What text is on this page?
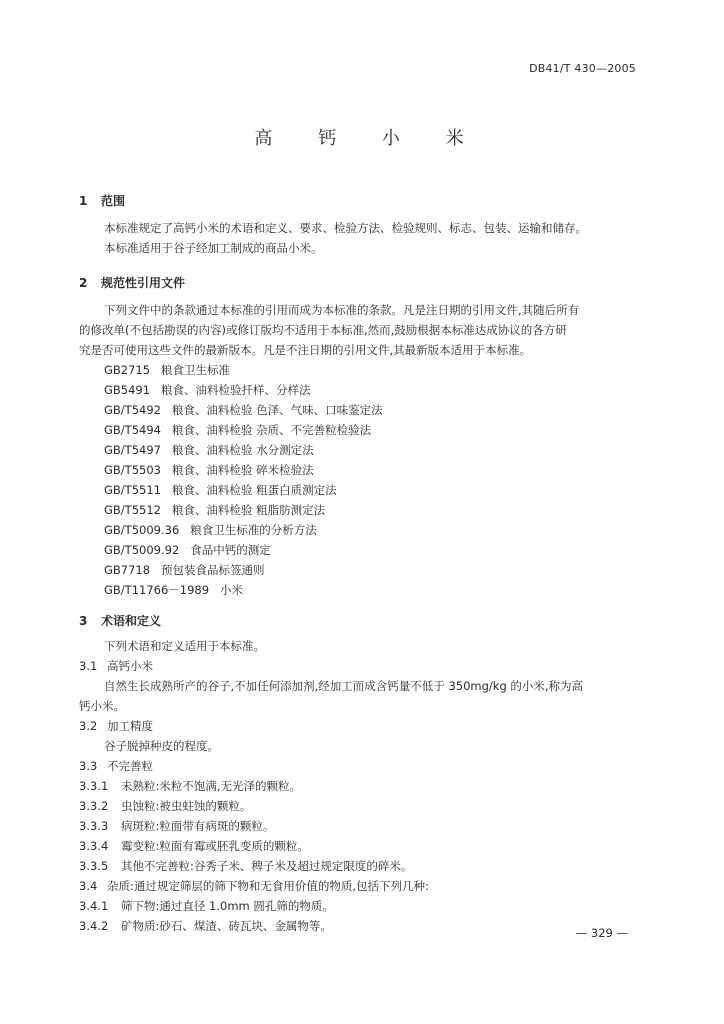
DB41/T 430—2005
高 钙 小 米
1 范围
本标准规定了高钙小米的术语和定义、要求、检验方法、检验规则、标志、包装、运输和储存。
本标准适用于谷子经加工制成的商品小米。
2 规范性引用文件
下列文件中的条款通过本标准的引用而成为本标准的条款。凡是注日期的引用文件,其随后所有
的修改单(不包括勘误的内容)或修订版均不适用于本标准,然而,鼓励根据本标准达成协议的各方研
究是否可使用这些文件的最新版本。凡是不注日期的引用文件,其最新版本适用于本标准。
GB2715 粮食卫生标准
GB5491 粮食、油料检验扦样、分样法
GB/T5492 粮食、油料检验 色泽、气味、口味鉴定法
GB/T5494 粮食、油料检验 杂质、不完善粒检验法
GB/T5497 粮食、油料检验 水分测定法
GB/T5503 粮食、油料检验 碎米检验法
GB/T5511 粮食、油料检验 粗蛋白质测定法
GB/T5512 粮食、油料检验 粗脂肪测定法
GB/T5009.36 粮食卫生标准的分析方法
GB/T5009.92 食品中钙的测定
GB7718 预包装食品标签通则
GB/T11766－1989 小米
3 术语和定义
下列术语和定义适用于本标准。
3.1 高钙小米
自然生长成熟所产的谷子,不加任何添加剂,经加工而成含钙量不低于 350mg/kg 的小米,称为高
钙小米。
3.2 加工精度
谷子脱掉种皮的程度。
3.3 不完善粒
3.3.1 未熟粒:米粒不饱满,无光泽的颗粒。
3.3.2 虫蚀粒:被虫蛀蚀的颗粒。
3.3.3 病斑粒:粒面带有病斑的颗粒。
3.3.4 霉变粒:粒面有霉或胚乳变质的颗粒。
3.3.5 其他不完善粒:谷秀子米、稗子米及超过规定限度的碎米。
3.4 杂质:通过规定筛层的筛下物和无食用价值的物质,包括下列几种:
3.4.1 筛下物:通过直径 1.0mm 圆孔筛的物质。
3.4.2 矿物质:砂石、煤渣、砖瓦块、金属物等。	— 329 —
